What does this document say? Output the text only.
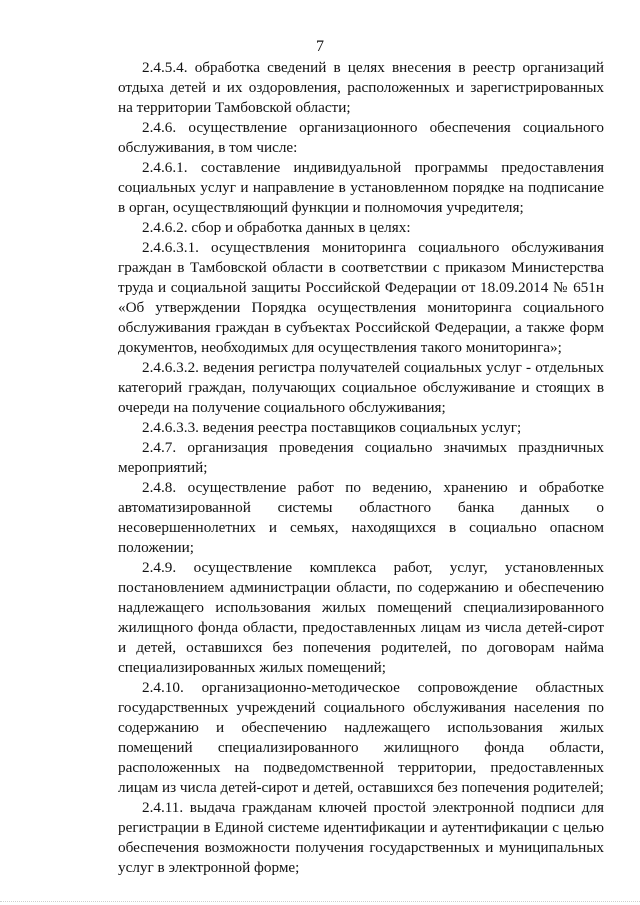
7

2.4.5.4. обработка сведений в целях внесения в реестр организаций отдыха детей и их оздоровления, расположенных и зарегистрированных на территории Тамбовской области;

2.4.6. осуществление организационного обеспечения социального обслуживания, в том числе:

2.4.6.1. составление индивидуальной программы предоставления социальных услуг и направление в установленном порядке на подписание в орган, осуществляющий функции и полномочия учредителя;

2.4.6.2. сбор и обработка данных в целях:

2.4.6.3.1. осуществления мониторинга социального обслуживания граждан в Тамбовской области в соответствии с приказом Министерства труда и социальной защиты Российской Федерации от 18.09.2014 № 651н «Об утверждении Порядка осуществления мониторинга социального обслуживания граждан в субъектах Российской Федерации, а также форм документов, необходимых для осуществления такого мониторинга»;

2.4.6.3.2. ведения регистра получателей социальных услуг - отдельных категорий граждан, получающих социальное обслуживание и стоящих в очереди на получение социального обслуживания;

2.4.6.3.3. ведения реестра поставщиков социальных услуг;

2.4.7. организация проведения социально значимых праздничных мероприятий;

2.4.8. осуществление работ по ведению, хранению и обработке автоматизированной системы областного банка данных о несовершеннолетних и семьях, находящихся в социально опасном положении;

2.4.9. осуществление комплекса работ, услуг, установленных постановлением администрации области, по содержанию и обеспечению надлежащего использования жилых помещений специализированного жилищного фонда области, предоставленных лицам из числа детей-сирот и детей, оставшихся без попечения родителей, по договорам найма специализированных жилых помещений;

2.4.10. организационно-методическое сопровождение областных государственных учреждений социального обслуживания населения по содержанию и обеспечению надлежащего использования жилых помещений специализированного жилищного фонда области, расположенных на подведомственной территории, предоставленных лицам из числа детей-сирот и детей, оставшихся без попечения родителей;

2.4.11. выдача гражданам ключей простой электронной подписи для регистрации в Единой системе идентификации и аутентификации с целью обеспечения возможности получения государственных и муниципальных услуг в электронной форме;
